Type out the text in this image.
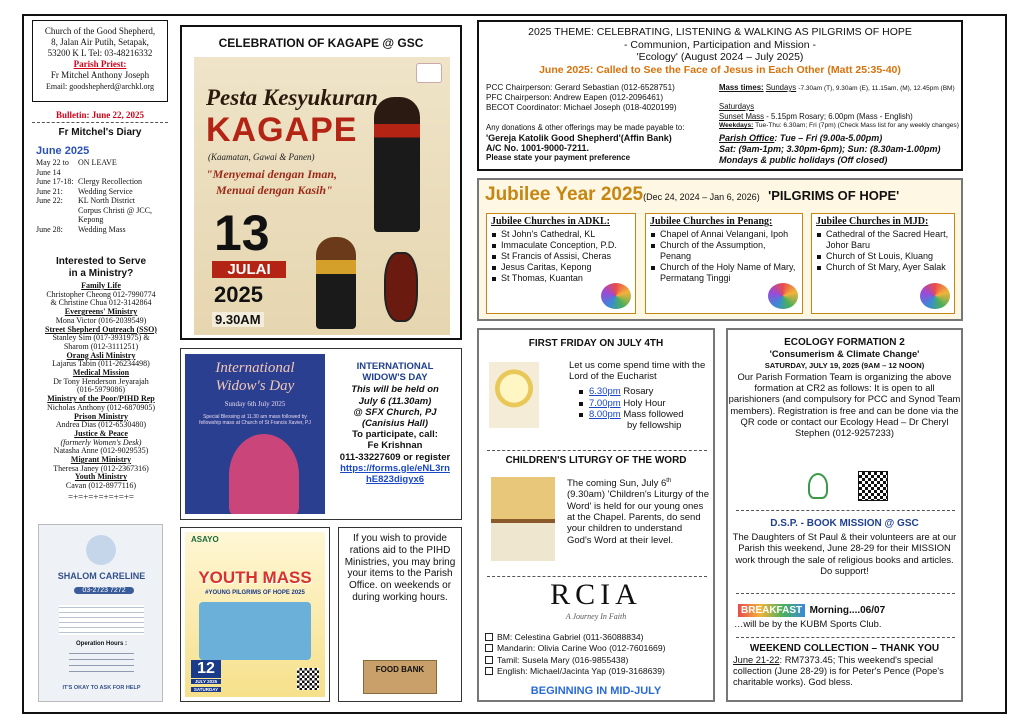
Church of the Good Shepherd,
8, Jalan Air Putih, Setapak,
53200 K L Tel: 03-48216332
Parish Priest:
Fr Mitchel Anthony Joseph
Email: goodshepherd@archkl.org
Bulletin: June 22, 2025
Fr Mitchel's Diary
June 2025
May 22 to	ON LEAVE
June 14
June 17-18: Clergy Recollection
June 21:	Wedding Service
June 22:	KL North District
Corpus Christi @ JCC,
Kepong
June 28:	Wedding Mass
Interested to Serve
in a Ministry?
Family Life
Christopher Cheong 012-7990774
& Christine Chua 012-3142864
Evergreens' Ministry
Mona Victor (016-2039549)
Street Shepherd Outreach (SSO)
Stanley Sim (017-3931975) &
Sharom (012-3111251)
Orang Asli Ministry
Lajarus Tabin (011-26234498)
Medical Mission
Dr Tony Henderson Jeyarajah
(016-5979086)
Ministry of the Poor/PIHD Rep
Nicholas Anthony (012-6870905)
Prison Ministry
Andrea Dias (012-6530480)
Justice & Peace
(formerly Women's Desk)
Natasha Anne (012-9029535)
Migrant Ministry
Theresa Janey (012-2367316)
Youth Ministry
Cavan (012-8977116)
=+=+=+=+=+=+=
SHALOM CARELINE
03-2723 7272
Operation Hours :
IT'S OKAY TO ASK FOR HELP
CELEBRATION OF KAGAPE @ GSC
Pesta Kesyukuran
KAGAPE
(Kaamatan, Gawai & Panen)
"Menyemai dengan Iman,
Menuai dengan Kasih"
13
JULAI
2025
9.30AM
International
Widow's Day
Sunday 6th July 2025
Special Blessing at 11.30 am mass followed by fellowship mass at Church of St Francis Xavier, PJ
INTERNATIONAL
WIDOW'S DAY
This will be held on
July 6 (11.30am)
@ SFX Church, PJ
(Canisius Hall)
To participate, call:
Fe Krishnan
011-33227609 or register
https://forms.gle/eNL3rn
hE823digyx6
ASAYO
YOUTH MASS
#YOUNG PILGRIMS OF HOPE 2025
12
JULY 2025
SATURDAY
If you wish to provide rations aid to the PIHD Ministries, you may bring your items to the Parish Office. on weekends or during working hours.
FOOD BANK
2025 THEME: CELEBRATING, LISTENING & WALKING AS PILGRIMS OF HOPE
- Communion, Participation and Mission -
'Ecology' (August 2024 – July 2025)
June 2025: Called to See the Face of Jesus in Each Other (Matt 25:35-40)
PCC Chairperson: Gerard Sebastian (012-6528751)
PFC Chairperson: Andrew Eapen (012-2096461)
BECOT Coordinator: Michael Joseph (018-4020199)
Any donations & other offerings may be made payable to:
'Gereja Katolik Good Shepherd'(Affin Bank)
A/C No. 1001-9000-7211.
Please state your payment preference
Mass times: Sundays -7.30am (T), 9.30am (E), 11.15am, (M), 12.45pm (BM)
Saturdays
Sunset Mass - 5.15pm Rosary; 6.00pm (Mass - English)
Weekdays: Tue-Thu: 6.30am; Fri (7pm) (Check Mass list for any weekly changes)
Parish Office: Tue – Fri (9.00a-5.00pm)
Sat: (9am-1pm; 3.30pm-6pm); Sun: (8.30am-1.00pm)
Mondays & public holidays (Off closed)
Jubilee Year 2025(Dec 24, 2024 – Jan 6, 2026) 'PILGRIMS OF HOPE'
Jubilee Churches in ADKL:
St John's Cathedral, KL
Immaculate Conception, P.D.
St Francis of Assisi, Cheras
Jesus Caritas, Kepong
St Thomas, Kuantan
Jubilee Churches in Penang:
Chapel of Annai Velangani, Ipoh
Church of the Assumption, Penang
Church of the Holy Name of Mary, Permatang Tinggi
Jubilee Churches in MJD:
Cathedral of the Sacred Heart, Johor Baru
Church of St Louis, Kluang
Church of St Mary, Ayer Salak
FIRST FRIDAY ON JULY 4TH
Let us come spend time with the Lord of the Eucharist
6.30pm Rosary
7.00pm Holy Hour
8.00pm Mass followed
by fellowship
CHILDREN'S LITURGY OF THE WORD
The coming Sun, July 6th (9.30am) 'Children's Liturgy of the Word' is held for our young ones at the Chapel. Parents, do send your children to understand God's Word at their level.
RCIA
A Journey In Faith
BM: Celestina Gabriel (011-36088834)
Mandarin: Olivia Carine Woo (012-7601669)
Tamil: Susela Mary (016-9855438)
English: Michael/Jacinta Yap (019-3168639)
BEGINNING IN MID-JULY
ECOLOGY FORMATION 2
'Consumerism & Climate Change'
SATURDAY, JULY 19, 2025 (9AM – 12 NOON)
Our Parish Formation Team is organizing the above formation at CR2 as follows: It is open to all parishioners (and compulsory for PCC and Synod Team members). Registration is free and can be done via the QR code or contact our Ecology Head – Dr Cheryl Stephen (012-9257233)
D.S.P. - BOOK MISSION @ GSC
The Daughters of St Paul & their volunteers are at our Parish this weekend, June 28-29 for their MISSION work through the sale of religious books and articles. Do support!
BREAKFAST Morning....06/07
…will be by the KUBM Sports Club.
WEEKEND COLLECTION – THANK YOU
June 21-22: RM7373.45; This weekend's special collection (June 28-29) is for Peter's Pence (Pope's charitable works). God bless.
